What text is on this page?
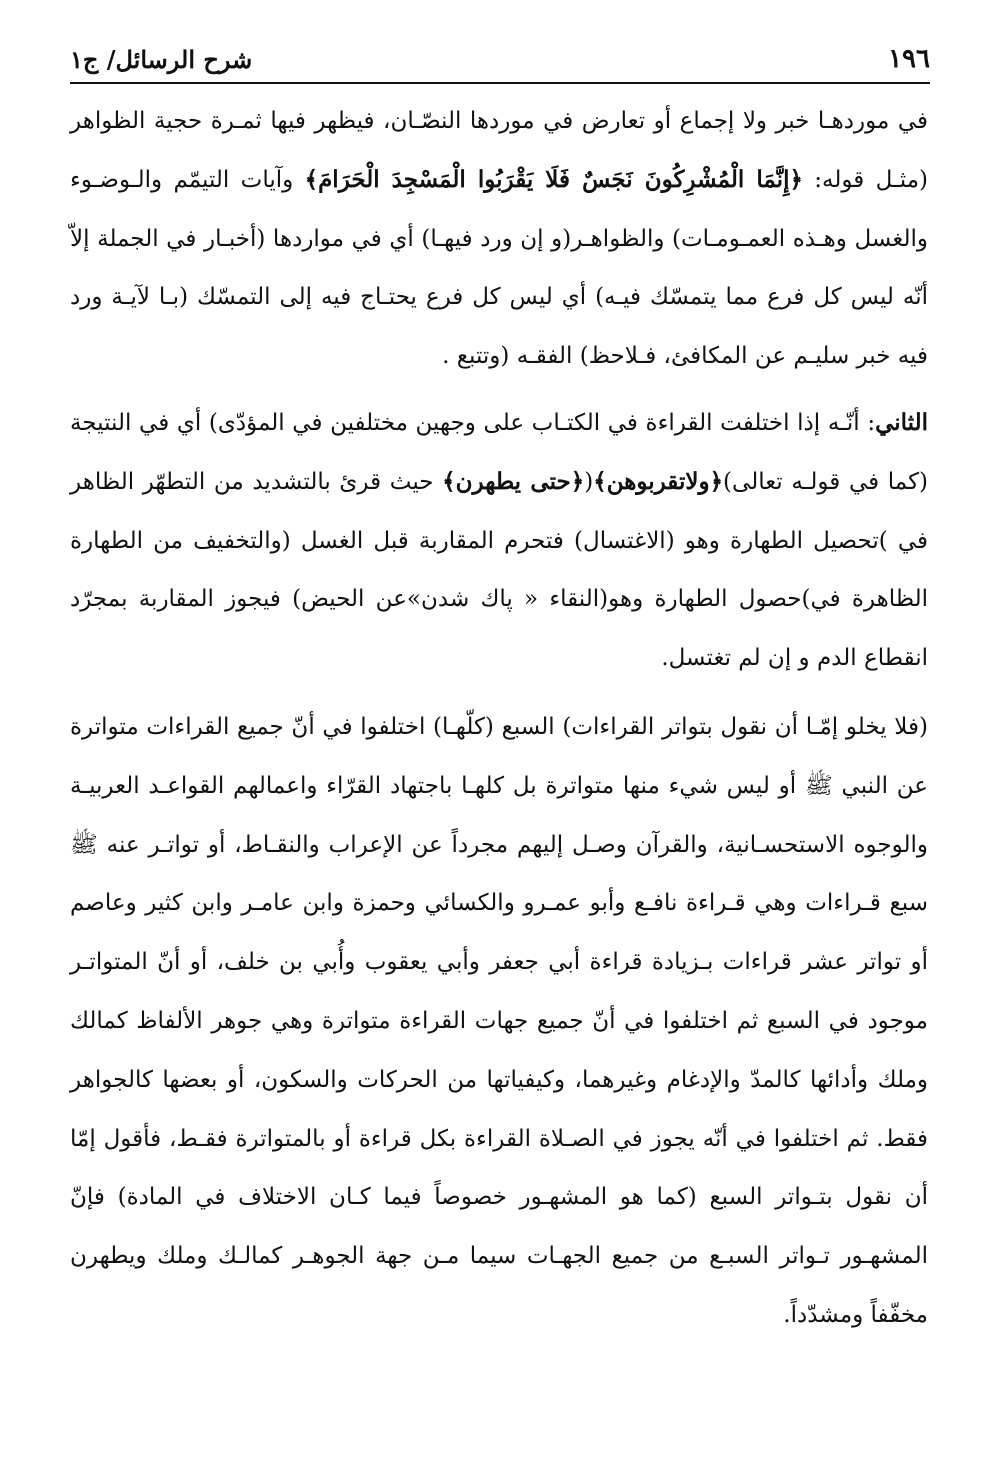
١٩٦
شرح الرسائل/ ج١

في موردهـا خبر ولا إجماع أو تعارض في موردها النصّـان، فيظهر فيها ثمـرة حجية الظواهر (مثـل قوله: ﴿إِنَّمَا الْمُشْرِكُونَ نَجَسٌ فَلَا يَقْرَبُوا الْمَسْجِدَ الْحَرَامَ﴾ وآيات التيمّم والـوضـوء والغسل وهـذه العمـومـات) والظواهـر(و إن ورد فيهـا) أي في مواردها (أخبـار في الجملة إلاّ أنّه ليس كل فرع مما يتمسّك فيـه) أي ليس كل فرع يحتـاج فيه إلى التمسّك (بـا لآيـة ورد فيه خبر سليـم عن المكافئ، فـلاحظ) الفقـه (وتتبع .

الثاني: أنّـه إذا اختلفت القراءة في الكتـاب على وجهين مختلفين في المؤدّى) أي في النتيجة (كما في قولـه تعالى)﴿ولاتقربوهن﴾(﴿حتى يطهرن﴾ حيث قرئ بالتشديد من التطهّر الظاهر في )تحصيل الطهارة وهو (الاغتسال) فتحرم المقاربة قبل الغسل (والتخفيف من الطهارة الظاهرة في)حصول الطهارة وهو(النقاء « پاك شدن»عن الحيض) فيجوز المقاربة بمجرّد انقطاع الدم و إن لم تغتسل.

(فلا يخلو إمّـا أن نقول بتواتر القراءات) السبع (كلّهـا) اختلفوا في أنّ جميع القراءات متواترة عن النبي ﷺ أو ليس شيء منها متواترة بل كلهـا باجتهاد القرّاء واعمالهم القواعـد العربيـة والوجوه الاستحسـانية، والقرآن وصـل إليهم مجرداً عن الإعراب والنقـاط، أو تواتـر عنه ﷺ سبع قـراءات وهي قـراءة نافـع وأبو عمـرو والكسائي وحمزة وابن عامـر وابن كثير وعاصم أو تواتر عشر قراءات بـزيادة قراءة أبي جعفر وأبي يعقوب وأُبي بن خلف، أو أنّ المتواتـر موجود في السبع ثم اختلفوا في أنّ جميع جهات القراءة متواترة وهي جوهر الألفاظ كمالك وملك وأدائها كالمدّ والإدغام وغيرهما، وكيفياتها من الحركات والسكون، أو بعضها كالجواهر فقط. ثم اختلفوا في أنّه يجوز في الصـلاة القراءة بكل قراءة أو بالمتواترة فقـط، فأقول إمّا أن نقول بتـواتر السبع (كما هو المشهـور خصوصاً فيما كـان الاختلاف في المادة) فإنّ المشهـور تـواتر السبـع من جميع الجهـات سيما مـن جهة الجوهـر كمالـك وملك ويطهرن مخفّفاً ومشدّداً.
